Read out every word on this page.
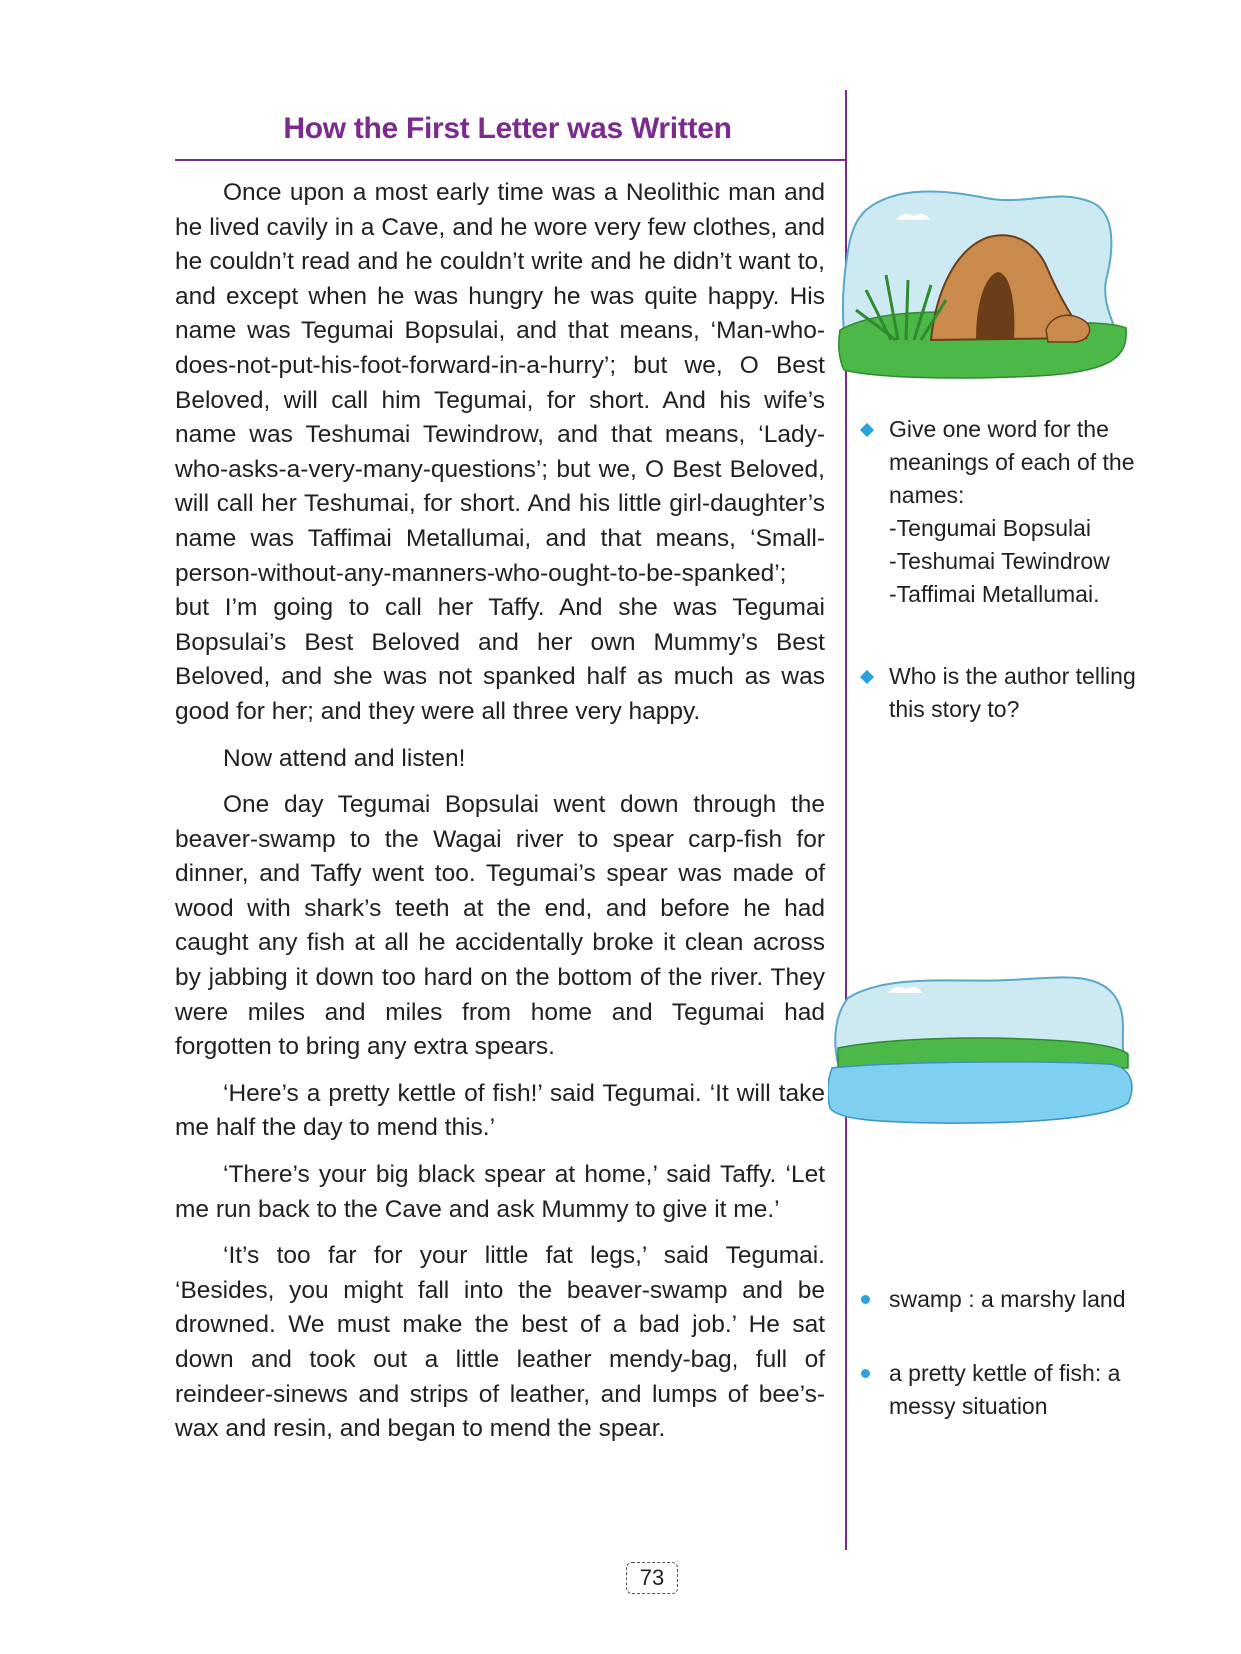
How the First Letter was Written

Once upon a most early time was a Neolithic man and he lived cavily in a Cave, and he wore very few clothes, and he couldn’t read and he couldn’t write and he didn’t want to, and except when he was hungry he was quite happy. His name was Tegumai Bopsulai, and that means, ‘Man-who-does-not-put-his-foot-forward-in-a-hurry’; but we, O Best Beloved, will call him Tegumai, for short. And his wife’s name was Teshumai Tewindrow, and that means, ‘Lady-who-asks-a-very-many-questions’; but we, O Best Beloved, will call her Teshumai, for short. And his little girl-daughter’s name was Taffimai Metallumai, and that means, ‘Small-person-without-any-manners-who-ought-to-be-spanked’; but I’m going to call her Taffy. And she was Tegumai Bopsulai’s Best Beloved and her own Mummy’s Best Beloved, and she was not spanked half as much as was good for her; and they were all three very happy.

Now attend and listen!

One day Tegumai Bopsulai went down through the beaver-swamp to the Wagai river to spear carp-fish for dinner, and Taffy went too. Tegumai’s spear was made of wood with shark’s teeth at the end, and before he had caught any fish at all he accidentally broke it clean across by jabbing it down too hard on the bottom of the river. They were miles and miles from home and Tegumai had forgotten to bring any extra spears.

‘Here’s a pretty kettle of fish!’ said Tegumai. ‘It will take me half the day to mend this.’

‘There’s your big black spear at home,’ said Taffy. ‘Let me run back to the Cave and ask Mummy to give it me.’

‘It’s too far for your little fat legs,’ said Tegumai. ‘Besides, you might fall into the beaver-swamp and be drowned. We must make the best of a bad job.’ He sat down and took out a little leather mendy-bag, full of reindeer-sinews and strips of leather, and lumps of bee’s-wax and resin, and began to mend the spear.

Give one word for the meanings of each of the names:
-Tengumai Bopsulai
-Teshumai Tewindrow
-Taffimai Metallumai.
Who is the author telling this story to?
swamp : a marshy land
a pretty kettle of fish: a messy situation
73
